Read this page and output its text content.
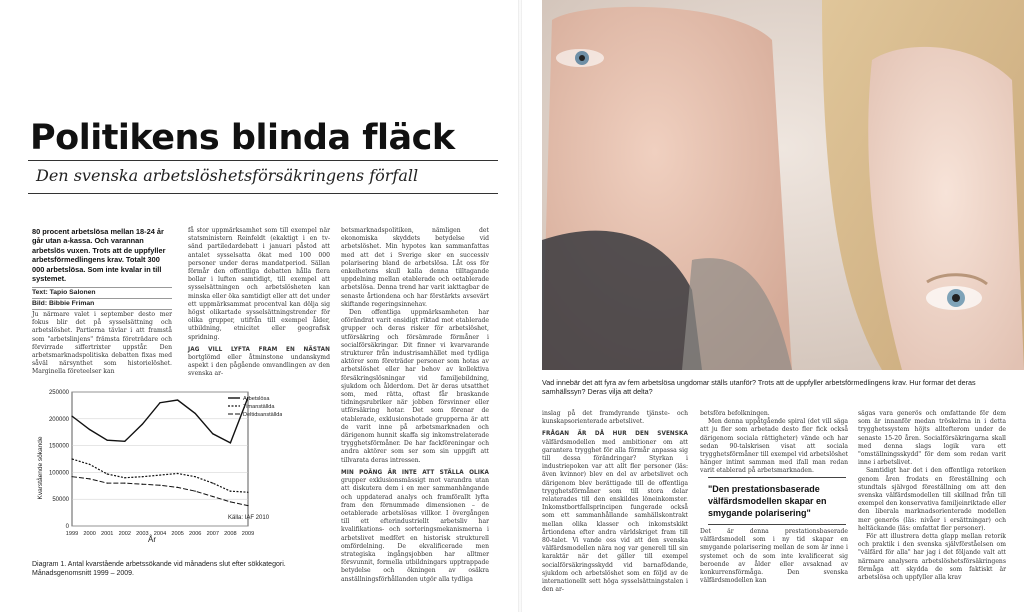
Politikens blinda fläck
Den svenska arbetslöshetsförsäkringens förfall
80 procent arbetslösa mellan 18-24 år går utan a-kassa. Och varannan arbetslös vuxen. Trots att de uppfyller arbetsförmedlingens krav. Totalt 300 000 arbetslösa. Som inte kvalar in till systemet.
Text: Tapio Salonen
Bild: Bibbie Friman

Ju närmare valet i september desto mer fokus blir det på sysselsättning och arbetslöshet. Partierna tävlar i att framstå som "arbetslinjens" främsta företrädare och förvirrade siffertrixter uppstår. Den arbetsmarknadspolitiska debatten fixas med såväl närsynthet som historielöshet. Marginella företeelser kan

få stor uppmärksamhet som till exempel när statsministern Reinfeldt (ekaktigt i en tv-sänd partiledardebatt i januari påstod att antalet sysselsatta ökat med 100 000 personer under deras mandatperiod. Sällan förmår den offentliga debatten hålla flera bollar i luften samtidigt, till exempel att sysselsättningen och arbetslösheten kan minska eller öka samtidigt eller att det under ett uppmärksammat procentval kan dölja sig högst olikartade sysselsättningstrender för olika grupper, utifrån till exempel ålder, utbildning, etnicitet eller geografisk spridning.

JAG VILL LYFTA FRAM EN NÄSTAN bortglömd eller åtminstone undanskymd aspekt i den pågående omvandlingen av den svenska ar-

betsmarknadspolitiken, nämligen det ekonomiska skyddets betydelse vid arbetslöshet. Min hypotes kan sammanfattas med att det i Sverige sker en successiv polarisering bland de arbetslösa. Låt oss för enkelhetens skull kalla denna tilltagande uppdelning mellan etablerade och oetablerade arbetslösa. Denna trend har varit iakttagbar de senaste årtiondena och har förstärkts avsevärt skiftande regeringsinnehav.

Den offentliga uppmärksamheten har oförändrat varit ensidigt riktad mot etablerade grupper och deras risker för arbetslöshet, utförsäkring och försämrade förmåner i socialförsäkringar. Dit finner vi kvarvarande strukturer från industrisamhället med tydliga aktörer som företräder personer som hotas av arbetslöshet eller har behov av kollektiva försäkringslösningar vid familjebildning, sjukdom och ålderdom. Det är deras utsatthet som, med rätta, oftast får braskande tidningsrubriker när jobben försvinner eller utförsäkring hotar. Det som förenar de etablerade, exklusionshotade grupperna är att de varit inne på arbetsmarknaden och därigenom hunnit skaffa sig inkomstrelaterade trygghetsförmåner. De har fackföreningar och andra aktörer som ser som sin uppgift att tillvarata deras intressen.

MIN POÄNG ÄR INTE ATT STÄLLA OLIKA grupper exklusionsmässigt mot varandra utan att diskutera dem i en mer sammanhängande och uppdaterad analys och framförallt lyfta fram den förnummade dimensionen – de oetablerade arbetslösas villkor. I övergången till ett efterindustriellt arbetsliv har kvalifikations- och sorteringsmekanismerna i arbetslivet medfört en historisk strukturell omfördelning. De ekvalificerade men strategiska ingångsjobben har alltmer försvunnit, formella utbildningars upptrappade betydelse och ökningen av osäkra anställningsförhållanden utgör alla tydliga

Kvarstående sökande
År
Källa: IAF 2010
0
50000
100000
150000
200000
250000
1999 2000 2001 2002 2003 2004 2005 2006 2007 2008 2009
Arbetslösa
Timanställda
Deltidsanställda
Diagram 1. Antal kvarstående arbetssökande vid månadens slut efter sökkategori. Månadsgenomsnitt 1999 – 2009.
Vad innebär det att fyra av fem arbetslösa ungdomar ställs utanför? Trots att de uppfyller arbetsförmedlingens krav. Hur formar det deras samhällssyn? Deras vilja att delta?

inslag på det framdyrande tjänste- och kunskapsorienterade arbetslivet.

FRÅGAN ÄR DÅ HUR DEN SVENSKA välfärdsmodellen med ambitioner om att garantera trygghet för alla förmår anpassa sig till dessa förändringar? Styrkan i industriepoken var att allt fler personer (läs: även kvinnor) blev en del av arbetslivet och därigenom blev berättigade till de offentliga trygghetsförmåner som till stora delar relaterades till den enskildes löneinkomster. Inkomstbortfallsprincipen fungerade också som ett sammanhållande samhällskontrakt mellan olika klasser och inkomstskikt årtiondena efter andra världskriget fram till 80-talet. Vi vande oss vid att den svenska välfärdsmodellen nära nog var generell till sin karaktär när det gäller till exempel socialförsäkringsskydd vid barnafödande, sjukdom och arbetslöshet som en följd av de internationellt sett höga sysselsättningstalen i den ar-

betsföra befolkningen.

Men denna uppåtgående spiral (det vill säga att ju fler som arbetade desto fler fick också därigenom sociala rättigheter) vände och har sedan 90-talskrisen visat att sociala trygghetsförmåner till exempel vid arbetslöshet hänger intimt samman med ifall man redan varit etablerad på arbetsmarknaden.

"Den prestationsbaserade välfärdsmodellen skapar en smygande polarisering"

Det är denna prestationsbaserade välfärdsmodell som i ny tid skapar en smygande polarisering mellan de som är inne i systemet och de som inte kvalificerat sig beroende av ålder eller avsaknad av konkurrensförmåga. Den svenska välfärdsmodellen kan

sägas vara generös och omfattande för dem som är innanför medan tröskelrna in i detta trygghetssystem höjts alltefterom under de senaste 15-20 åren. Socialförsäkringarna skall med denna slags logik vara ett "omställningsskydd" för dem som redan varit inne i arbetslivet.

Samtidigt har det i den offentliga retoriken genom åren frodats en föreställning och stundtals självgod föreställning om att den svenska välfärdsmodellen till skillnad från till exempel den konservativa familjeinriktade eller den liberala marknadsorienterade modellen mer generös (läs: nivåer i ersättningar) och heltäckande (läs: omfattat fler personer).

För att illustrera detta glapp mellan retorik och praktik i den svenska självförståelsen om "välfärd för alla" har jag i det följande valt att närmare analysera arbetslöshetsförsäkringens förmåga att skydda de som faktiskt är arbetslösa och uppfyller alla krav
